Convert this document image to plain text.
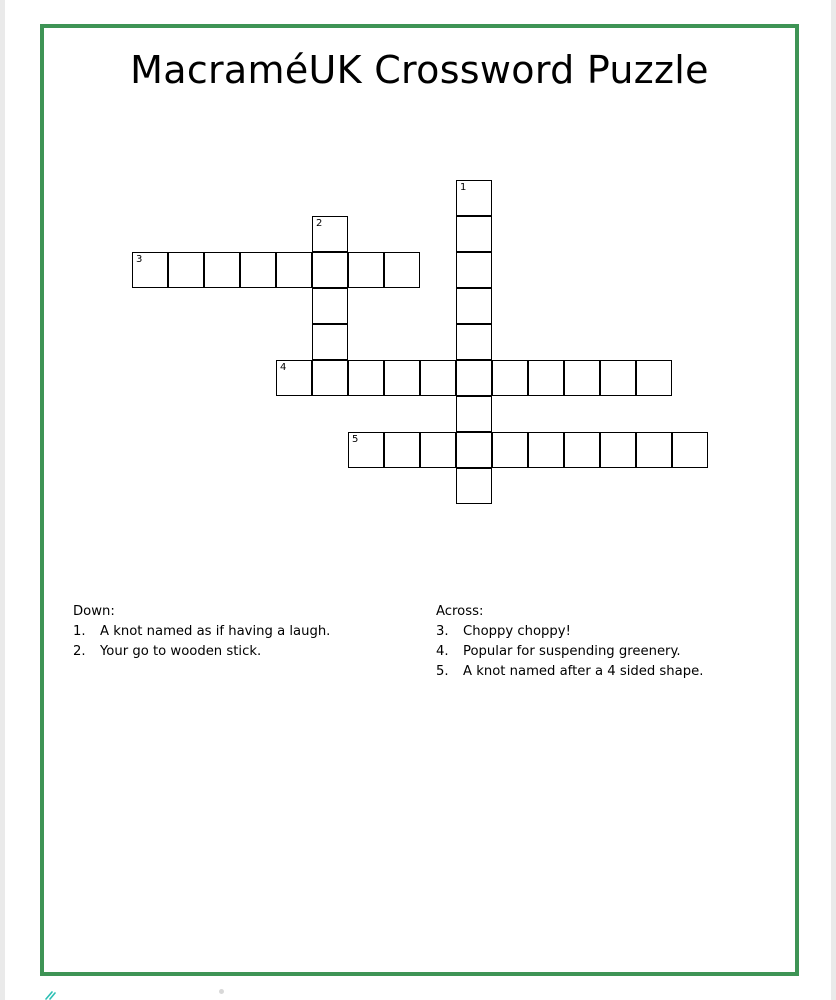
MacraméUK Crossword Puzzle
1
2
3
4
5
Down:
1. A knot named as if having a laugh.
2. Your go to wooden stick.
Across:
3. Choppy choppy!
4. Popular for suspending greenery.
5. A knot named after a 4 sided shape.
